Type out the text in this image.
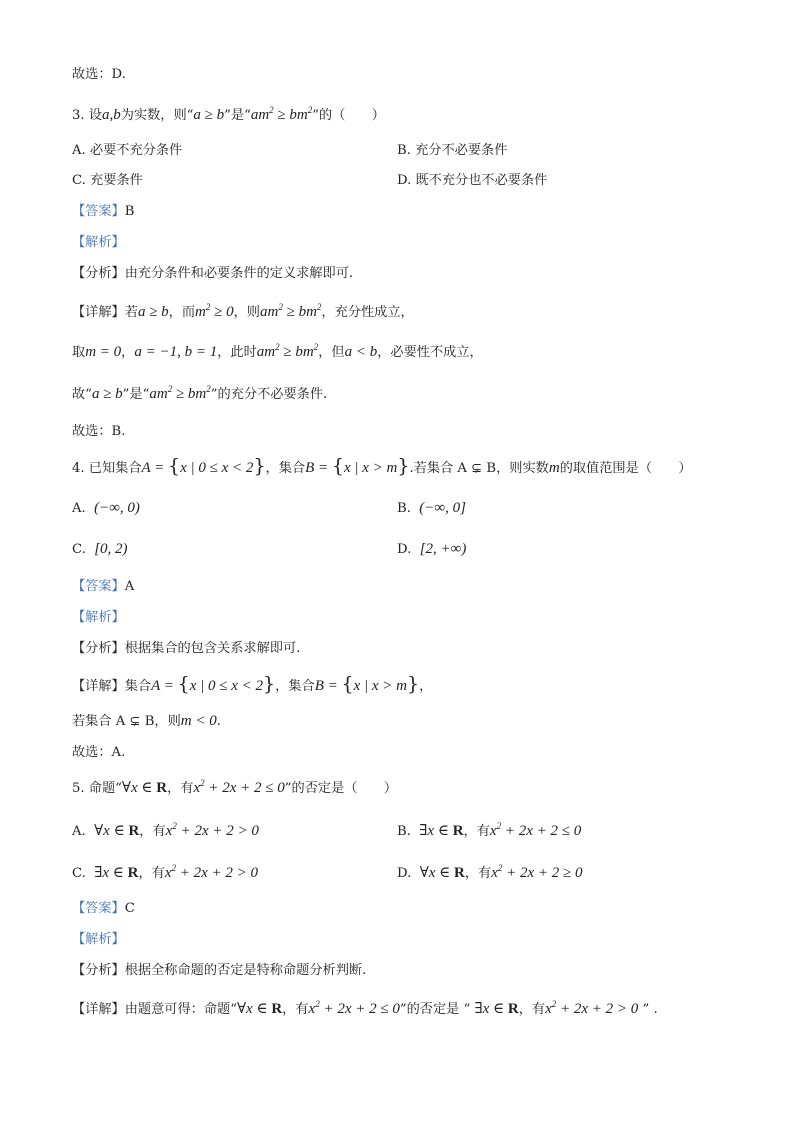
故选：D.
3. 设a,b为实数，则“a ≥ b”是“$am^2 \ge bm^2$”的（　　）
A. 必要不充分条件	B. 充分不必要条件
C. 充要条件	D. 既不充分也不必要条件
【答案】B
【解析】
【分析】由充分条件和必要条件的定义求解即可.
【详解】若a ≥ b，而$m^2 \ge 0$，则$am^2 \ge bm^2$，充分性成立，
取m = 0，a = −1, b = 1，此时$am^2 \ge bm^2$，但a < b，必要性不成立，
故“a ≥ b”是“$am^2 \ge bm^2$”的充分不必要条件.
故选：B.
4. 已知集合A = {x | 0 ≤ x < 2}，集合B = {x | x > m}.若集合 A ⊊ B，则实数m的取值范围是（　　）
A. (−∞, 0)	B. (−∞, 0]
C. [0, 2)	D. [2, +∞)
【答案】A
【解析】
【分析】根据集合的包含关系求解即可.
【详解】集合A = {x | 0 ≤ x < 2}，集合B = {x | x > m}，
若集合 A ⊊ B，则m < 0.
故选：A.
5. 命题“∀x ∈ R，有$x^2 + 2x + 2 \le 0$”的否定是（　　）
A. ∀x ∈ R，有$x^2 + 2x + 2 > 0$	B. ∃x ∈ R，有$x^2 + 2x + 2 \le 0$
C. ∃x ∈ R，有$x^2 + 2x + 2 > 0$	D. ∀x ∈ R，有$x^2 + 2x + 2 \ge 0$
【答案】C
【解析】
【分析】根据全称命题的否定是特称命题分析判断.
【详解】由题意可得：命题“∀x ∈ R，有$x^2 + 2x + 2 \le 0$”的否定是 “ ∃x ∈ R，有$x^2 + 2x + 2 > 0$ ” .
